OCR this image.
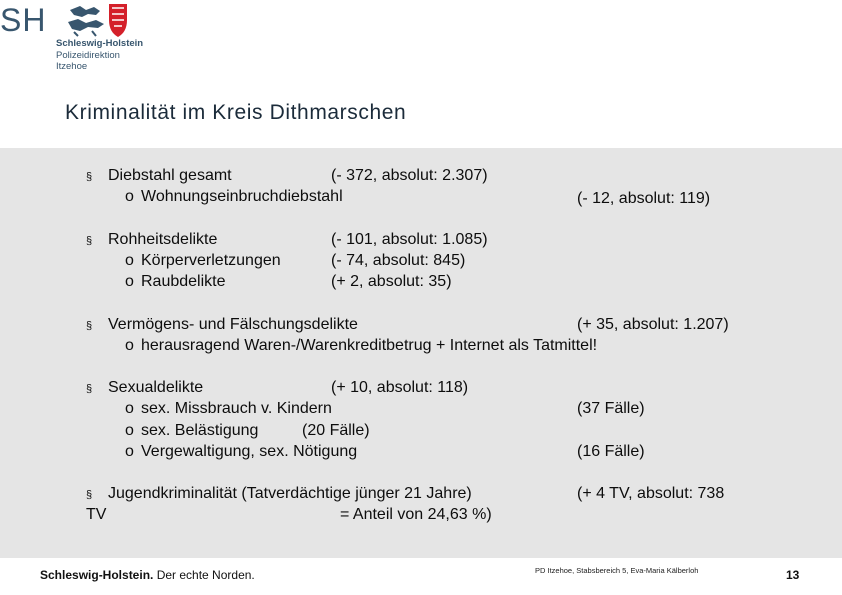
Kriminalität im Kreis Dithmarschen
SH
Schleswig-Holstein
Polizeidirektion
Itzehoe
§ Diebstahl gesamt	(- 372, absolut: 2.307)
o Wohnungseinbruchdiebstahl	(- 12, absolut: 119)
§ Rohheitsdelikte	(- 101, absolut: 1.085)
o Körperverletzungen	(- 74, absolut: 845)
o Raubdelikte	(+ 2, absolut: 35)
§ Vermögens- und Fälschungsdelikte	(+ 35, absolut: 1.207)
o herausragend Waren-/Warenkreditbetrug + Internet als Tatmittel!
§ Sexualdelikte	(+ 10, absolut: 118)
o sex. Missbrauch v. Kindern	(37 Fälle)
o sex. Belästigung	(20 Fälle)
o Vergewaltigung, sex. Nötigung	(16 Fälle)
§ Jugendkriminalität (Tatverdächtige jünger 21 Jahre)	(+ 4 TV, absolut: 738
TV	= Anteil von 24,63 %)
Schleswig-Holstein. Der echte Norden.	PD Itzehoe, Stabsbereich 5, Eva-Maria Kälberloh	13
